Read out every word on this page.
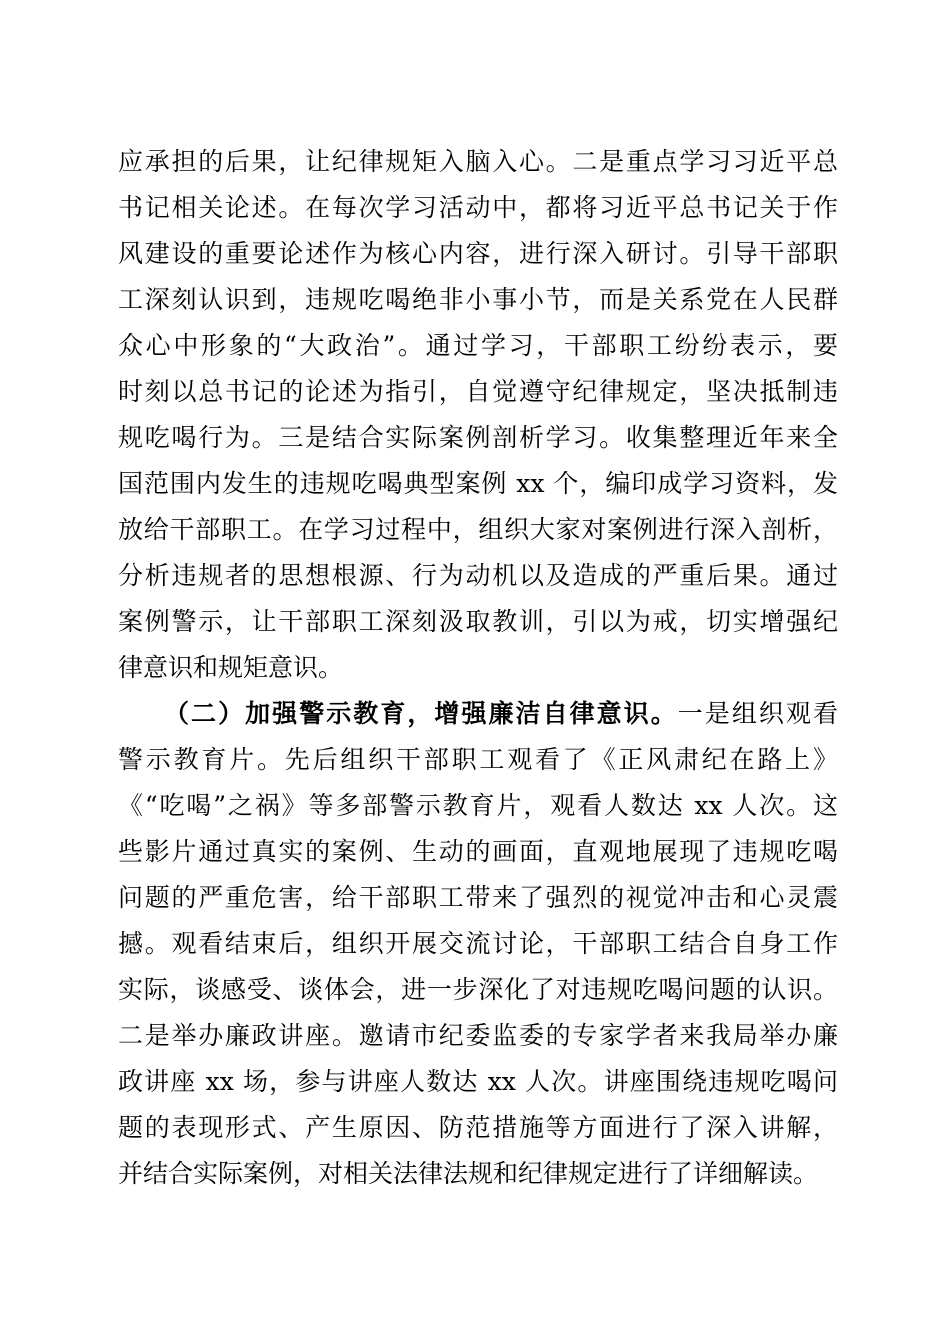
应承担的后果，让纪律规矩入脑入心。二是重点学习习近平总
书记相关论述。在每次学习活动中，都将习近平总书记关于作
风建设的重要论述作为核心内容，进行深入研讨。引导干部职
工深刻认识到，违规吃喝绝非小事小节，而是关系党在人民群
众心中形象的“大政治”。通过学习，干部职工纷纷表示，要
时刻以总书记的论述为指引，自觉遵守纪律规定，坚决抵制违
规吃喝行为。三是结合实际案例剖析学习。收集整理近年来全
国范围内发生的违规吃喝典型案例 xx 个，编印成学习资料，发
放给干部职工。在学习过程中，组织大家对案例进行深入剖析，
分析违规者的思想根源、行为动机以及造成的严重后果。通过
案例警示，让干部职工深刻汲取教训，引以为戒，切实增强纪
律意识和规矩意识。
（二）加强警示教育，增强廉洁自律意识。一是组织观看
警示教育片。先后组织干部职工观看了《正风肃纪在路上》
《“吃喝”之祸》等多部警示教育片，观看人数达 xx 人次。这
些影片通过真实的案例、生动的画面，直观地展现了违规吃喝
问题的严重危害，给干部职工带来了强烈的视觉冲击和心灵震
撼。观看结束后，组织开展交流讨论，干部职工结合自身工作
实际，谈感受、谈体会，进一步深化了对违规吃喝问题的认识。
二是举办廉政讲座。邀请市纪委监委的专家学者来我局举办廉
政讲座 xx 场，参与讲座人数达 xx 人次。讲座围绕违规吃喝问
题的表现形式、产生原因、防范措施等方面进行了深入讲解，
并结合实际案例，对相关法律法规和纪律规定进行了详细解读。
